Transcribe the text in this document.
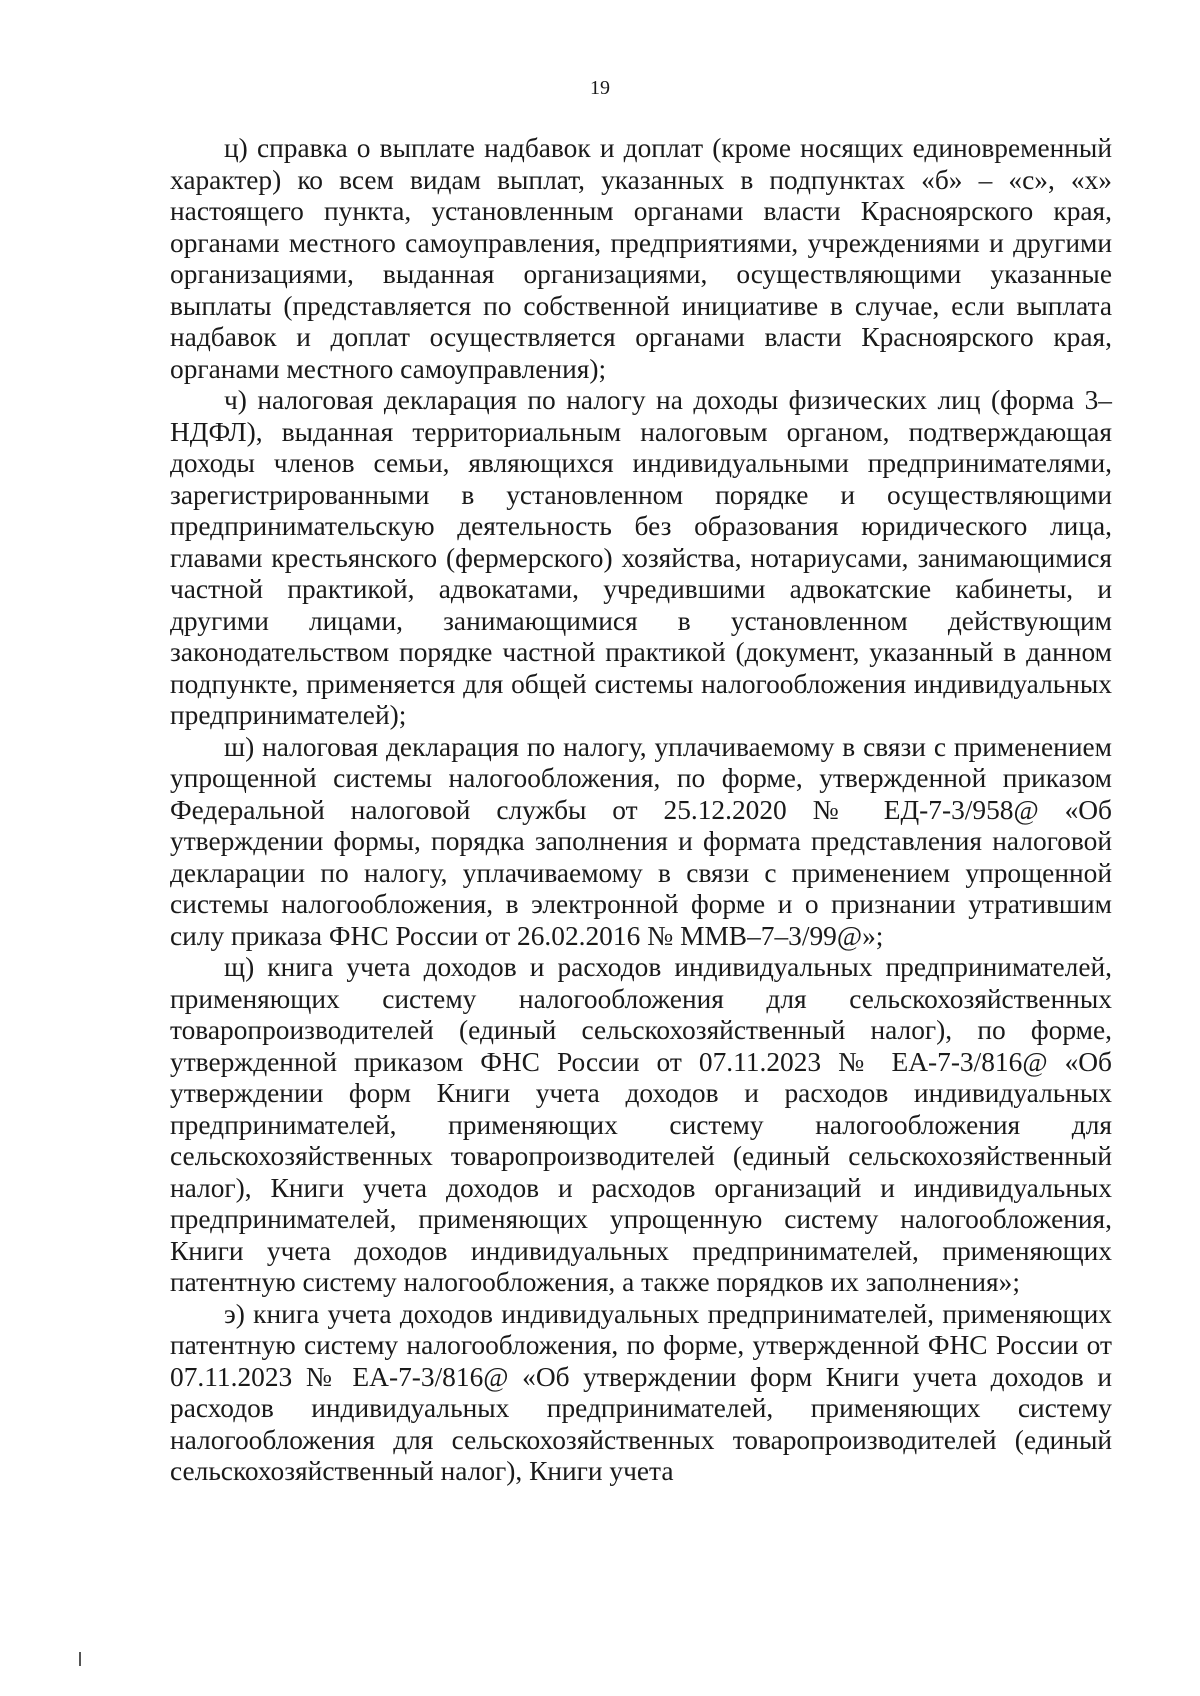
19

ц) справка о выплате надбавок и доплат (кроме носящих единовременный характер) ко всем видам выплат, указанных в подпунктах «б» – «с», «х» настоящего пункта, установленным органами власти Красноярского края, органами местного самоуправления, предприятиями, учреждениями и другими организациями, выданная организациями, осуществляющими указанные выплаты (представляется по собственной инициативе в случае, если выплата надбавок и доплат осуществляется органами власти Красноярского края, органами местного самоуправления);

ч) налоговая декларация по налогу на доходы физических лиц (форма 3–НДФЛ), выданная территориальным налоговым органом, подтверждающая доходы членов семьи, являющихся индивидуальными предпринимателями, зарегистрированными в установленном порядке и осуществляющими предпринимательскую деятельность без образования юридического лица, главами крестьянского (фермерского) хозяйства, нотариусами, занимающимися частной практикой, адвокатами, учредившими адвокатские кабинеты, и другими лицами, занимающимися в установленном действующим законодательством порядке частной практикой (документ, указанный в данном подпункте, применяется для общей системы налогообложения индивидуальных предпринимателей);

ш) налоговая декларация по налогу, уплачиваемому в связи с применением упрощенной системы налогообложения, по форме, утвержденной приказом Федеральной налоговой службы от 25.12.2020 № ЕД-7-3/958@ «Об утверждении формы, порядка заполнения и формата представления налоговой декларации по налогу, уплачиваемому в связи с применением упрощенной системы налогообложения, в электронной форме и о признании утратившим силу приказа ФНС России от 26.02.2016 № ММВ–7–3/99@»;

щ) книга учета доходов и расходов индивидуальных предпринимателей, применяющих систему налогообложения для сельскохозяйственных товаропроизводителей (единый сельскохозяйственный налог), по форме, утвержденной приказом ФНС России от 07.11.2023 № ЕА-7-3/816@ «Об утверждении форм Книги учета доходов и расходов индивидуальных предпринимателей, применяющих систему налогообложения для сельскохозяйственных товаропроизводителей (единый сельскохозяйственный налог), Книги учета доходов и расходов организаций и индивидуальных предпринимателей, применяющих упрощенную систему налогообложения, Книги учета доходов индивидуальных предпринимателей, применяющих патентную систему налогообложения, а также порядков их заполнения»;

э) книга учета доходов индивидуальных предпринимателей, применяющих патентную систему налогообложения, по форме, утвержденной ФНС России от 07.11.2023 № ЕА-7-3/816@ «Об утверждении форм Книги учета доходов и расходов индивидуальных предпринимателей, применяющих систему налогообложения для сельскохозяйственных товаропроизводителей (единый сельскохозяйственный налог), Книги учета
